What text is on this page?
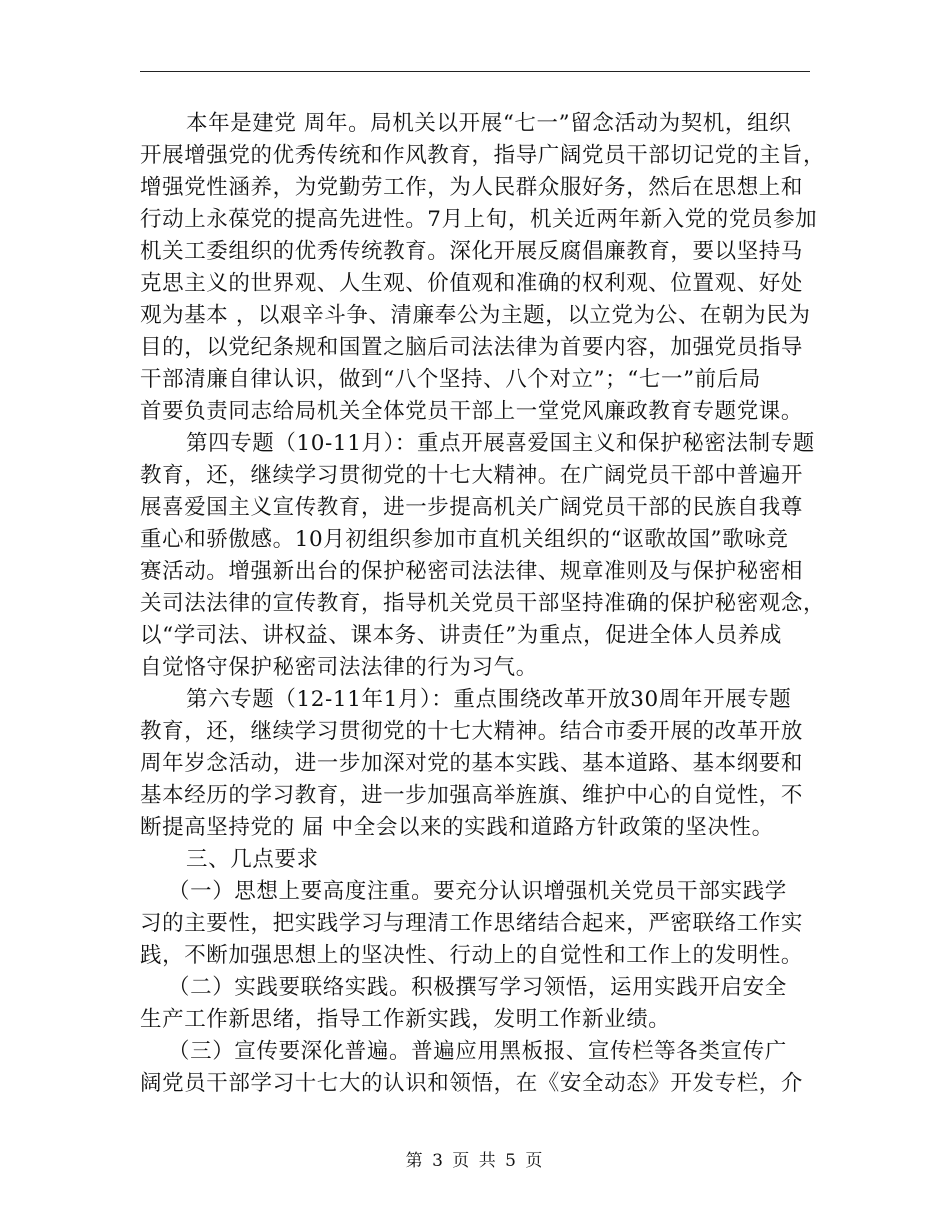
本年是建党 周年。局机关以开展“七一”留念活动为契机，组织
开展增强党的优秀传统和作风教育，指导广阔党员干部切记党的主旨，
增强党性涵养，为党勤劳工作，为人民群众服好务，然后在思想上和
行动上永葆党的提高先进性。7月上旬，机关近两年新入党的党员参加
机关工委组织的优秀传统教育。深化开展反腐倡廉教育，要以坚持马
克思主义的世界观、人生观、价值观和准确的权利观、位置观、好处
观为基本 ，以艰辛斗争、清廉奉公为主题，以立党为公、在朝为民为
目的，以党纪条规和国置之脑后司法法律为首要内容，加强党员指导
干部清廉自律认识，做到“八个坚持、八个对立”；“七一”前后局
首要负责同志给局机关全体党员干部上一堂党风廉政教育专题党课。
第四专题（10-11月）：重点开展喜爱国主义和保护秘密法制专题
教育，还，继续学习贯彻党的十七大精神。在广阔党员干部中普遍开
展喜爱国主义宣传教育，进一步提高机关广阔党员干部的民族自我尊
重心和骄傲感。10月初组织参加市直机关组织的“讴歌故国”歌咏竞
赛活动。增强新出台的保护秘密司法法律、规章准则及与保护秘密相
关司法法律的宣传教育，指导机关党员干部坚持准确的保护秘密观念，
以“学司法、讲权益、课本务、讲责任”为重点，促进全体人员养成
自觉恪守保护秘密司法法律的行为习气。
第六专题（12-11年1月）：重点围绕改革开放30周年开展专题
教育，还，继续学习贯彻党的十七大精神。结合市委开展的改革开放
周年岁念活动，进一步加深对党的基本实践、基本道路、基本纲要和
基本经历的学习教育，进一步加强高举旌旗、维护中心的自觉性，不
断提高坚持党的 届 中全会以来的实践和道路方针政策的坚决性。
三、几点要求
（一）思想上要高度注重。要充分认识增强机关党员干部实践学
习的主要性，把实践学习与理清工作思绪结合起来，严密联络工作实
践，不断加强思想上的坚决性、行动上的自觉性和工作上的发明性。
（二）实践要联络实践。积极撰写学习领悟，运用实践开启安全
生产工作新思绪，指导工作新实践，发明工作新业绩。
（三）宣传要深化普遍。普遍应用黑板报、宣传栏等各类宣传广
阔党员干部学习十七大的认识和领悟，在《安全动态》开发专栏，介
第 3 页 共 5 页
